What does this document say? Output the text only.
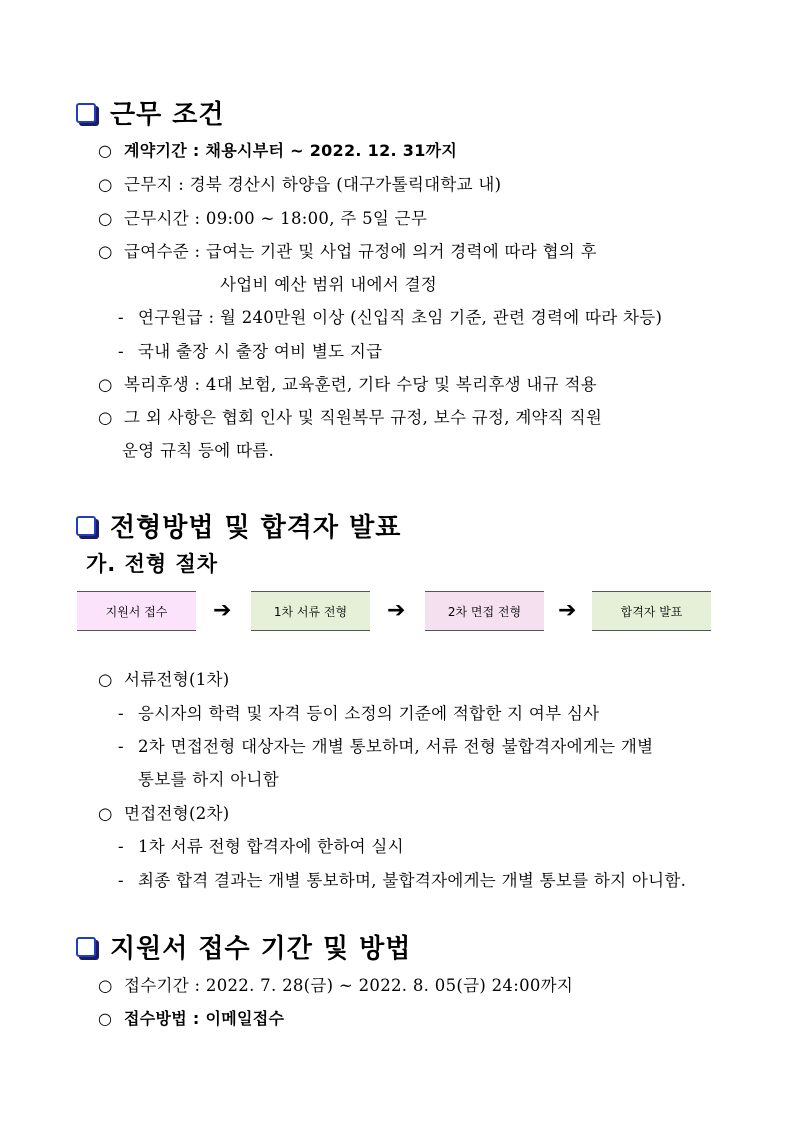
근무 조건
○ 계약기간 : 채용시부터 ~ 2022. 12. 31까지
○ 근무지 : 경북 경산시 하양읍 (대구가톨릭대학교 내)
○ 근무시간 : 09:00 ~ 18:00, 주 5일 근무
○ 급여수준 : 급여는 기관 및 사업 규정에 의거 경력에 따라 협의 후
사업비 예산 범위 내에서 결정
- 연구원급 : 월 240만원 이상 (신입직 초임 기준, 관련 경력에 따라 차등)
- 국내 출장 시 출장 여비 별도 지급
○ 복리후생 : 4대 보험, 교육훈련, 기타 수당 및 복리후생 내규 적용
○ 그 외 사항은 협회 인사 및 직원복무 규정, 보수 규정, 계약직 직원
운영 규칙 등에 따름.
전형방법 및 합격자 발표
가. 전형 절차
지원서 접수	➔	1차 서류 전형	➔	2차 면접 전형	➔	합격자 발표
○ 서류전형(1차)
- 응시자의 학력 및 자격 등이 소정의 기준에 적합한 지 여부 심사
- 2차 면접전형 대상자는 개별 통보하며, 서류 전형 불합격자에게는 개별
통보를 하지 아니함
○ 면접전형(2차)
- 1차 서류 전형 합격자에 한하여 실시
- 최종 합격 결과는 개별 통보하며, 불합격자에게는 개별 통보를 하지 아니함.
지원서 접수 기간 및 방법
○ 접수기간 : 2022. 7. 28(금) ~ 2022. 8. 05(금) 24:00까지
○ 접수방법 : 이메일접수
